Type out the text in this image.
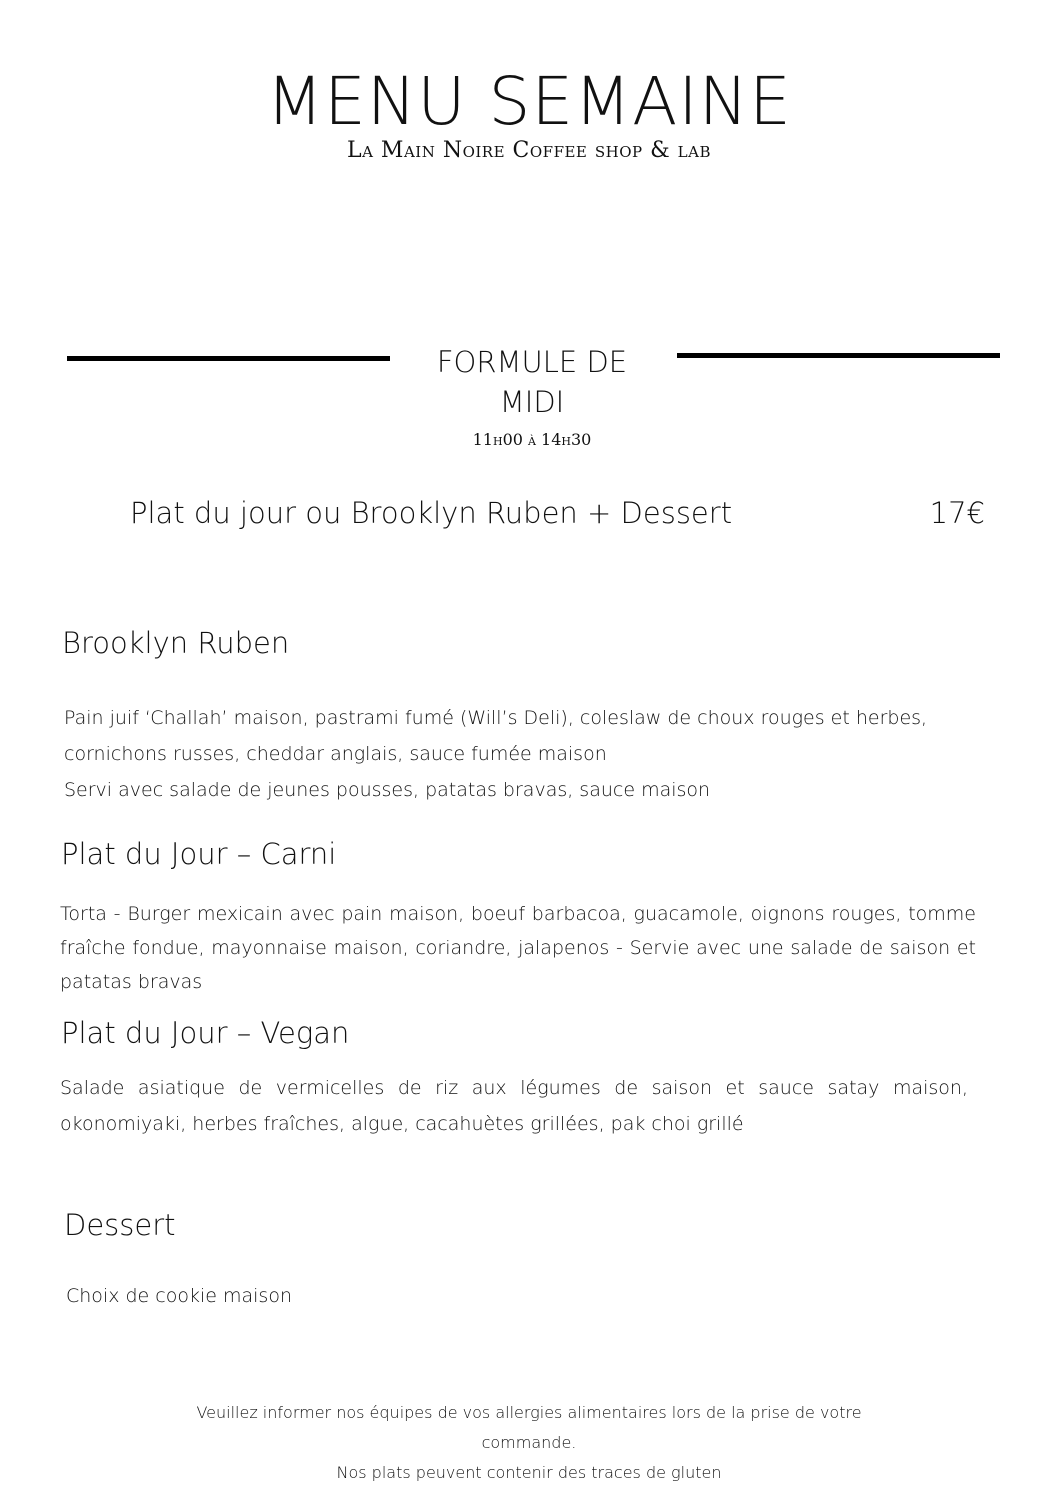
MENU SEMAINE
La Main Noire Coffee shop & lab
FORMULE DE
MIDI
11h00 à 14h30
Plat du jour ou Brooklyn Ruben + Dessert	17€
Brooklyn Ruben
Pain juif ‘Challah’ maison, pastrami fumé (Will’s Deli), coleslaw de choux rouges et herbes,
cornichons russes, cheddar anglais, sauce fumée maison
Servi avec salade de jeunes pousses, patatas bravas, sauce maison
Plat du Jour – Carni
Torta - Burger mexicain avec pain maison, boeuf barbacoa, guacamole, oignons rouges, tomme fraîche fondue, mayonnaise maison, coriandre, jalapenos - Servie avec une salade de saison et patatas bravas
Plat du Jour – Vegan
Salade asiatique de vermicelles de riz aux légumes de saison et sauce satay maison, okonomiyaki, herbes fraîches, algue, cacahuètes grillées, pak choi grillé
Dessert
Choix de cookie maison
Veuillez informer nos équipes de vos allergies alimentaires lors de la prise de votre
commande.
Nos plats peuvent contenir des traces de gluten
